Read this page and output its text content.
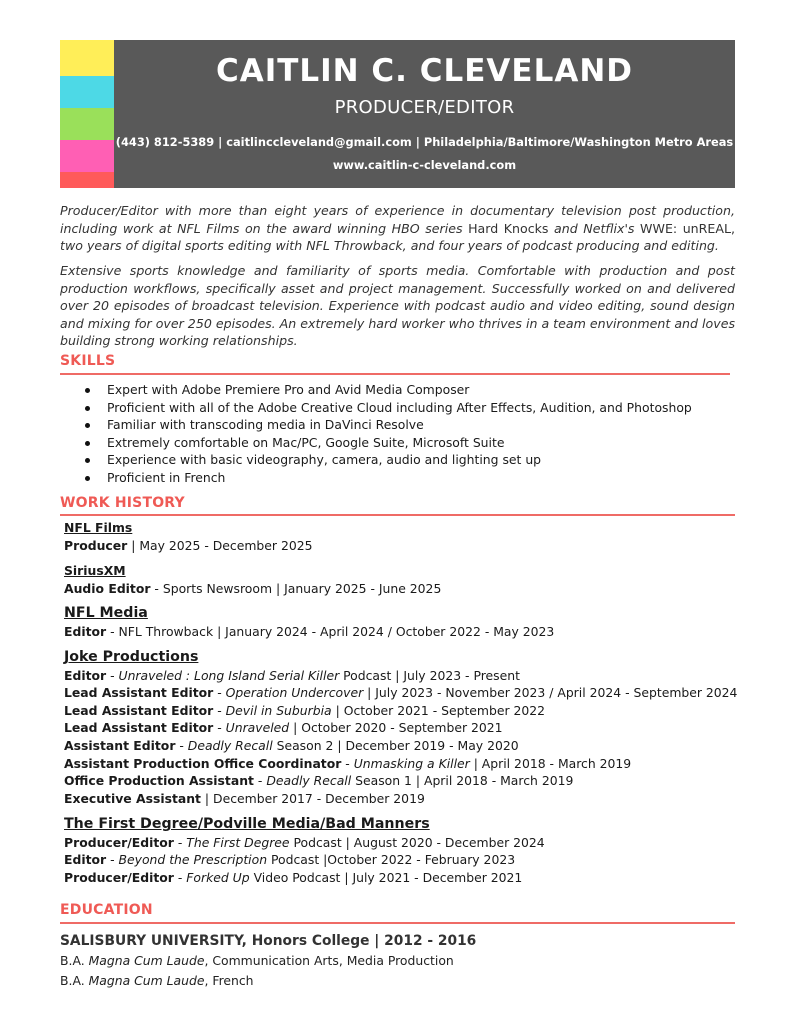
CAITLIN C. CLEVELAND
PRODUCER/EDITOR
(443) 812-5389 | caitlinccleveland@gmail.com | Philadelphia/Baltimore/Washington Metro Areas
www.caitlin-c-cleveland.com
Producer/Editor with more than eight years of experience in documentary television post production, including work at NFL Films on the award winning HBO series Hard Knocks and Netflix's WWE: unREAL, two years of digital sports editing with NFL Throwback, and four years of podcast producing and editing.
Extensive sports knowledge and familiarity of sports media. Comfortable with production and post production workflows, specifically asset and project management. Successfully worked on and delivered over 20 episodes of broadcast television. Experience with podcast audio and video editing, sound design and mixing for over 250 episodes. An extremely hard worker who thrives in a team environment and loves building strong working relationships.
SKILLS
Expert with Adobe Premiere Pro and Avid Media Composer
Proficient with all of the Adobe Creative Cloud including After Effects, Audition, and Photoshop
Familiar with transcoding media in DaVinci Resolve
Extremely comfortable on Mac/PC, Google Suite, Microsoft Suite
Experience with basic videography, camera, audio and lighting set up
Proficient in French
WORK HISTORY
NFL Films
Producer | May 2025 - December 2025
SiriusXM
Audio Editor - Sports Newsroom | January 2025 - June 2025
NFL Media
Editor - NFL Throwback | January 2024 - April 2024 / October 2022 - May 2023
Joke Productions
Editor - Unraveled : Long Island Serial Killer Podcast | July 2023 - Present
Lead Assistant Editor - Operation Undercover | July 2023 - November 2023 / April 2024 - September 2024
Lead Assistant Editor - Devil in Suburbia | October 2021 - September 2022
Lead Assistant Editor - Unraveled | October 2020 - September 2021
Assistant Editor - Deadly Recall Season 2 | December 2019 - May 2020
Assistant Production Office Coordinator - Unmasking a Killer | April 2018 - March 2019
Office Production Assistant - Deadly Recall Season 1 | April 2018 - March 2019
Executive Assistant | December 2017 - December 2019
The First Degree/Podville Media/Bad Manners
Producer/Editor - The First Degree Podcast | August 2020 - December 2024
Editor - Beyond the Prescription Podcast |October 2022 - February 2023
Producer/Editor - Forked Up Video Podcast | July 2021 - December 2021
EDUCATION
SALISBURY UNIVERSITY, Honors College | 2012 - 2016
B.A. Magna Cum Laude, Communication Arts, Media Production
B.A. Magna Cum Laude, French
